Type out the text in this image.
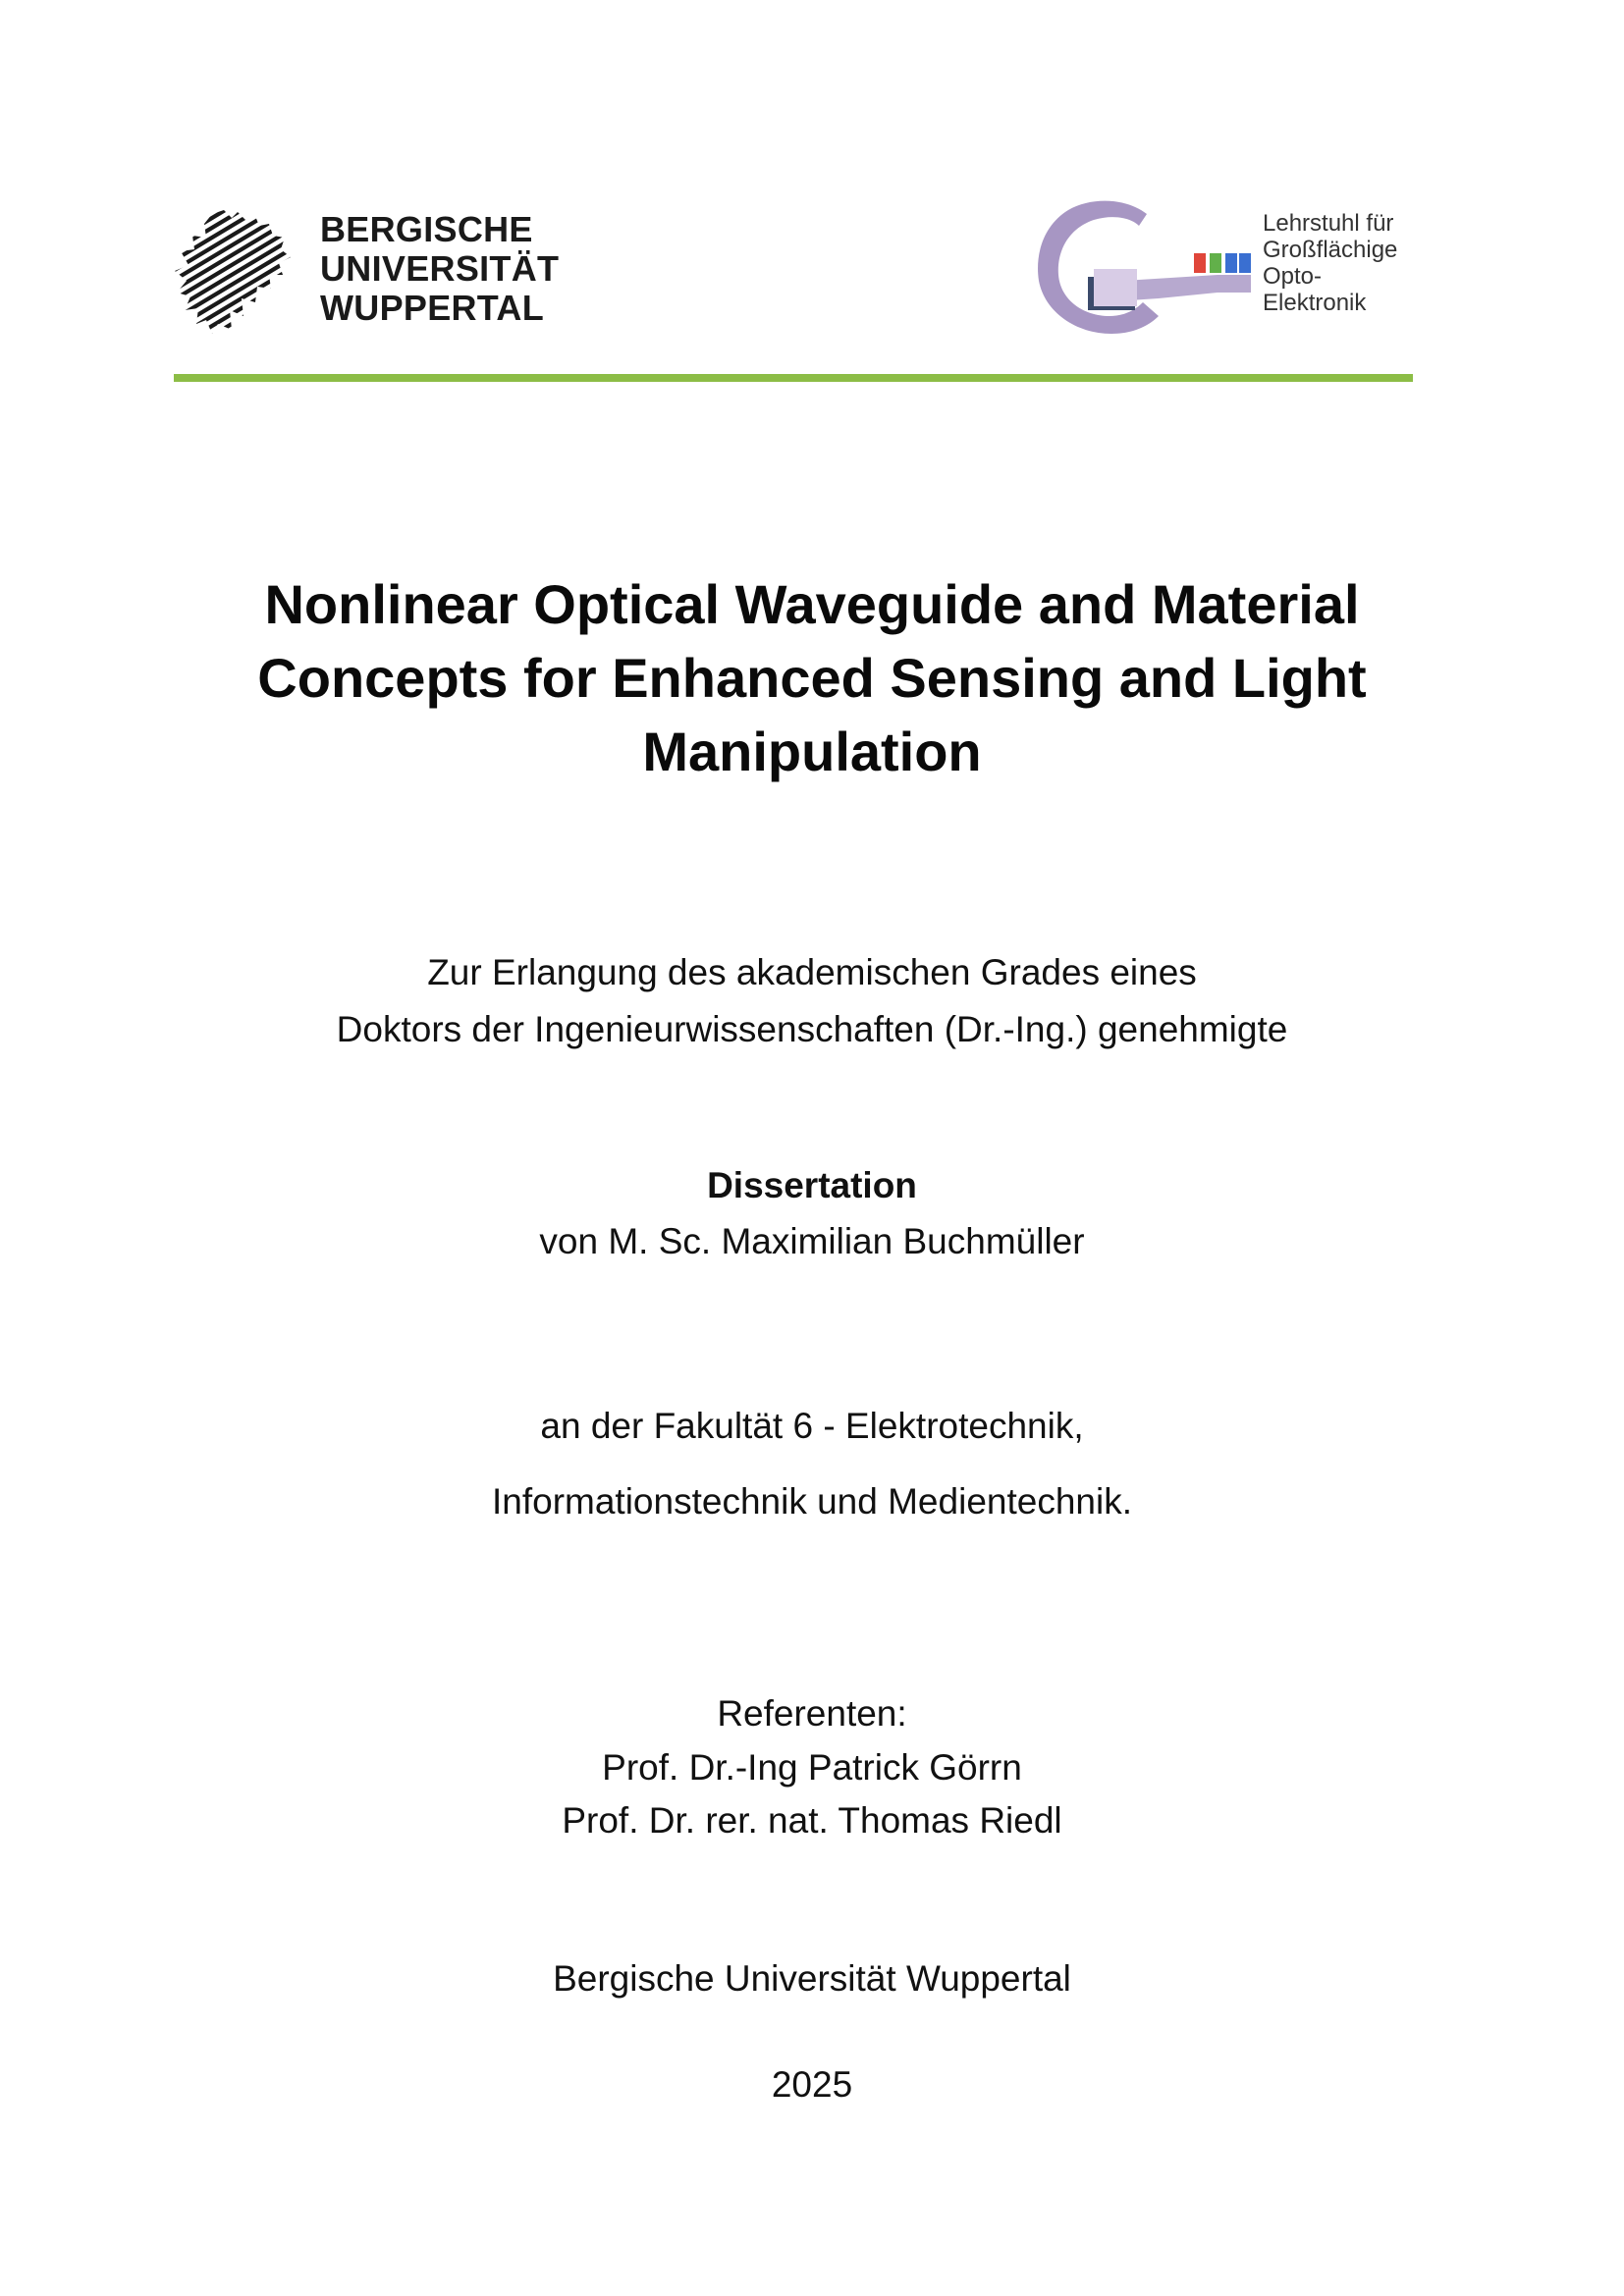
BERGISCHE
UNIVERSITÄT
WUPPERTAL
Lehrstuhl für
Großflächige
Opto-
Elektronik
Nonlinear Optical Waveguide and Material
Concepts for Enhanced Sensing and Light
Manipulation
Zur Erlangung des akademischen Grades eines
Doktors der Ingenieurwissenschaften (Dr.-Ing.) genehmigte
Dissertation
von M. Sc. Maximilian Buchmüller
an der Fakultät 6 - Elektrotechnik,
Informationstechnik und Medientechnik.
Referenten:
Prof. Dr.-Ing Patrick Görrn
Prof. Dr. rer. nat. Thomas Riedl
Bergische Universität Wuppertal
2025
